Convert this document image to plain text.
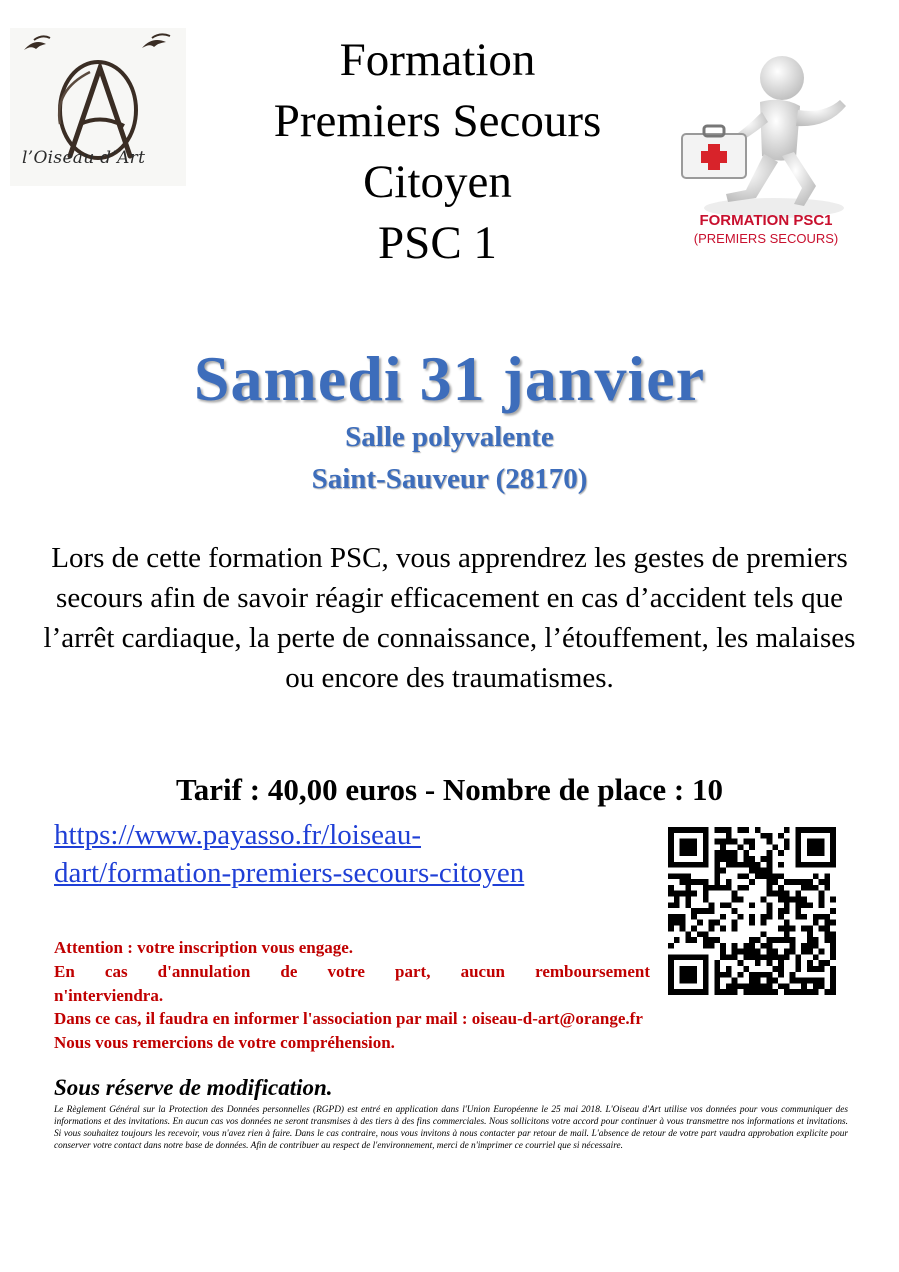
l’Oiseau d’Art
Formation
Premiers Secours
Citoyen
PSC 1	FORMATION PSC1
(PREMIERS SECOURS)
Samedi 31 janvier
Salle polyvalente
Saint-Sauveur (28170)
Lors de cette formation PSC, vous apprendrez les gestes de premiers secours afin de savoir réagir efficacement en cas d’accident tels que l’arrêt cardiaque, la perte de connaissance, l’étouffement, les malaises ou encore des traumatismes.
Tarif : 40,00 euros - Nombre de place : 10
https://www.payasso.fr/loiseau-
dart/formation-premiers-secours-citoyen
Attention : votre inscription vous engage.
En cas d'annulation de votre part, aucun remboursement
n'interviendra.
Dans ce cas, il faudra en informer l'association par mail : oiseau-d-art@orange.fr
Nous vous remercions de votre compréhension.
Sous réserve de modification.
Le Règlement Général sur la Protection des Données personnelles (RGPD) est entré en application dans l'Union Européenne le 25 mai 2018. L'Oiseau d'Art utilise vos données pour vous communiquer des informations et des invitations. En aucun cas vos données ne seront transmises à des tiers à des fins commerciales. Nous sollicitons votre accord pour continuer à vous transmettre nos informations et invitations. Si vous souhaitez toujours les recevoir, vous n'avez rien à faire. Dans le cas contraire, nous vous invitons à nous contacter par retour de mail. L'absence de retour de votre part vaudra approbation explicite pour conserver votre contact dans notre base de données. Afin de contribuer au respect de l'environnement, merci de n'imprimer ce courriel que si nécessaire.
